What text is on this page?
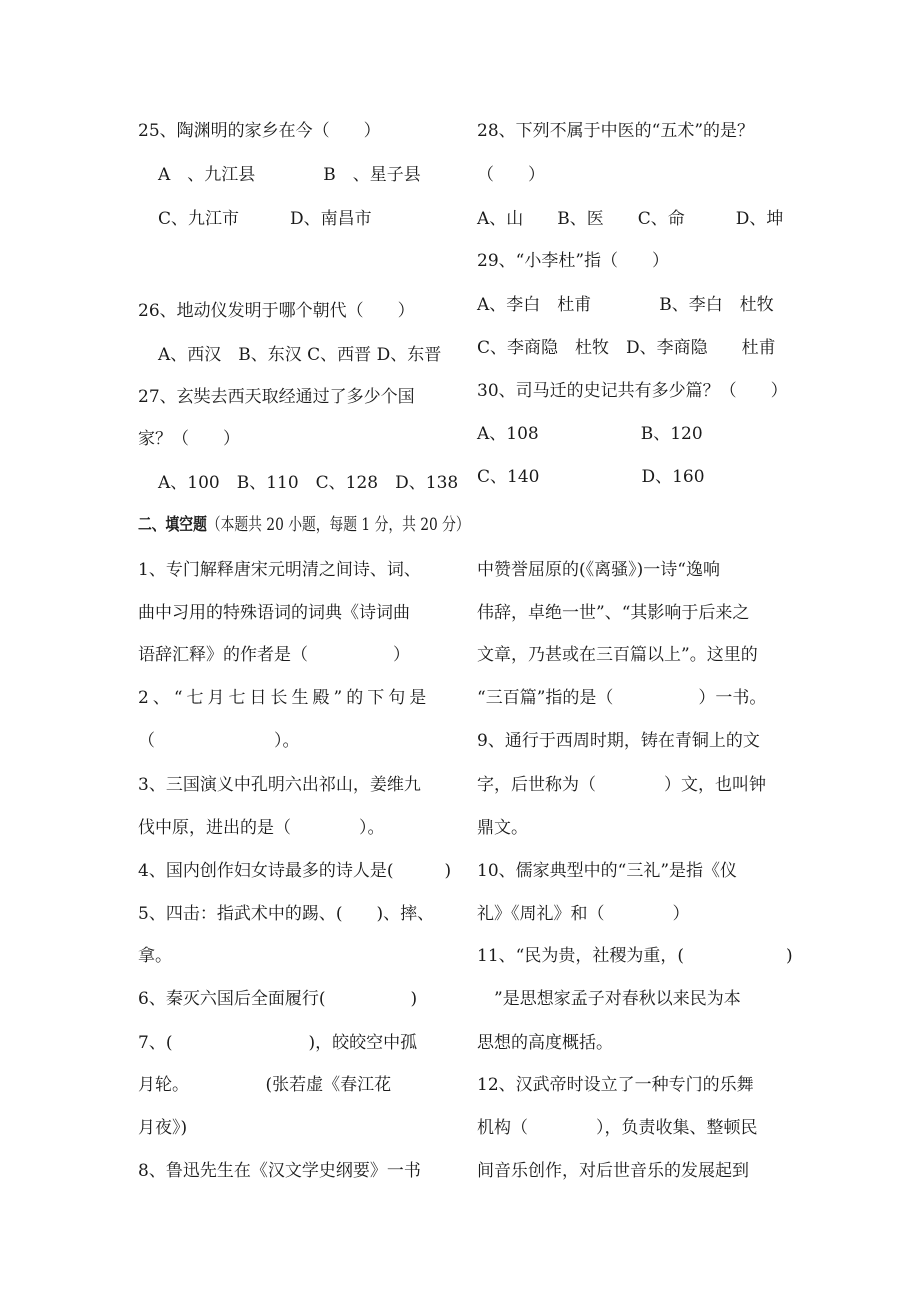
25、陶渊明的家乡在今（　　）
A　、九江县　　　　B　、星子县
C、九江市　　　D、南昌市
26、地动仪发明于哪个朝代（　　）
A、西汉　B、东汉 C、西晋 D、东晋
27、玄奘去西天取经通过了多少个国
家？（　　）
A、100　B、110　C、128　D、138
28、下列不属于中医的“五术”的是？
（　　）
A、山　　B、医　　C、命　　　D、坤
29、“小李杜”指（　　）
A、李白　杜甫　　　　B、李白　杜牧
C、李商隐　杜牧　D、李商隐　　杜甫
30、司马迁的史记共有多少篇？（　　）
A、108　　　　　　B、120
C、140　　　　　　D、160
二、填空题（本题共 20 小题，每题 1 分，共 20 分）
1、专门解释唐宋元明清之间诗、词、
曲中习用的特殊语词的词典《诗词曲
语辞汇释》的作者是（　　　　　）
2、“七月七日长生殿”的下句是
（　　　　　　　）。
3、三国演义中孔明六出祁山，姜维九
伐中原，进出的是（　　　　）。
4、国内创作妇女诗最多的诗人是(　　　)
5、四击：指武术中的踢、(　　)、摔、
拿。
6、秦灭六国后全面履行(　　　　　)
7、(　　　　　　　　)，皎皎空中孤
月轮。　　　　　(张若虚《春江花
月夜》)
8、鲁迅先生在《汉文学史纲要》一书
中赞誉屈原的(《离骚》)一诗“逸响
伟辞，卓绝一世”、“其影响于后来之
文章，乃甚或在三百篇以上”。这里的
“三百篇”指的是（　　　　　）一书。
9、通行于西周时期，铸在青铜上的文
字，后世称为（　　　　）文，也叫钟
鼎文。
10、儒家典型中的“三礼”是指《仪
礼》《周礼》和（　　　　）
11、“民为贵，社稷为重，(　　　　　　)
　”是思想家孟子对春秋以来民为本
思想的高度概括。
12、汉武帝时设立了一种专门的乐舞
机构（　　　　），负责收集、整顿民
间音乐创作，对后世音乐的发展起到
